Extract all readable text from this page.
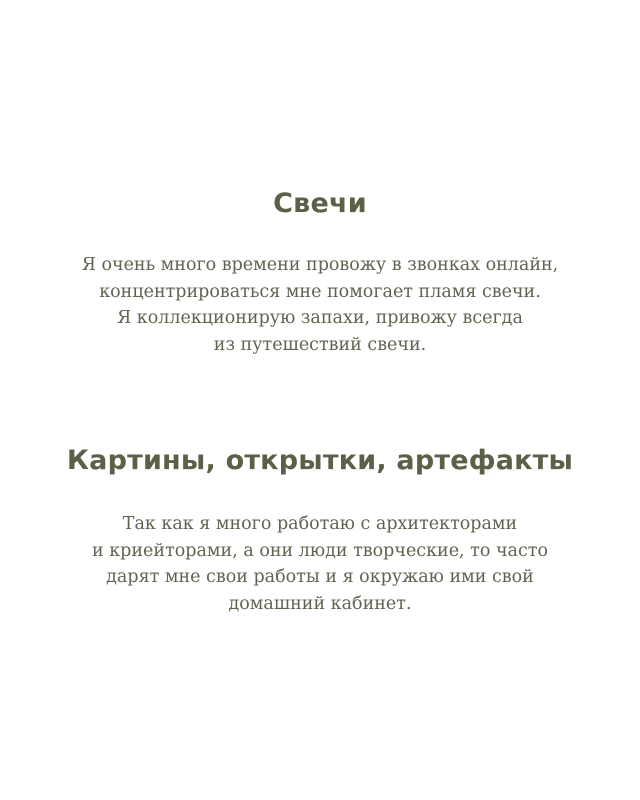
Свечи

Я очень много времени провожу в звонках онлайн,
концентрироваться мне помогает пламя свечи.
Я коллекционирую запахи, привожу всегда
из путешествий свечи.

Картины, открытки, артефакты

Так как я много работаю с архитекторами
и криейторами, а они люди творческие, то часто
дарят мне свои работы и я окружаю ими свой
домашний кабинет.
